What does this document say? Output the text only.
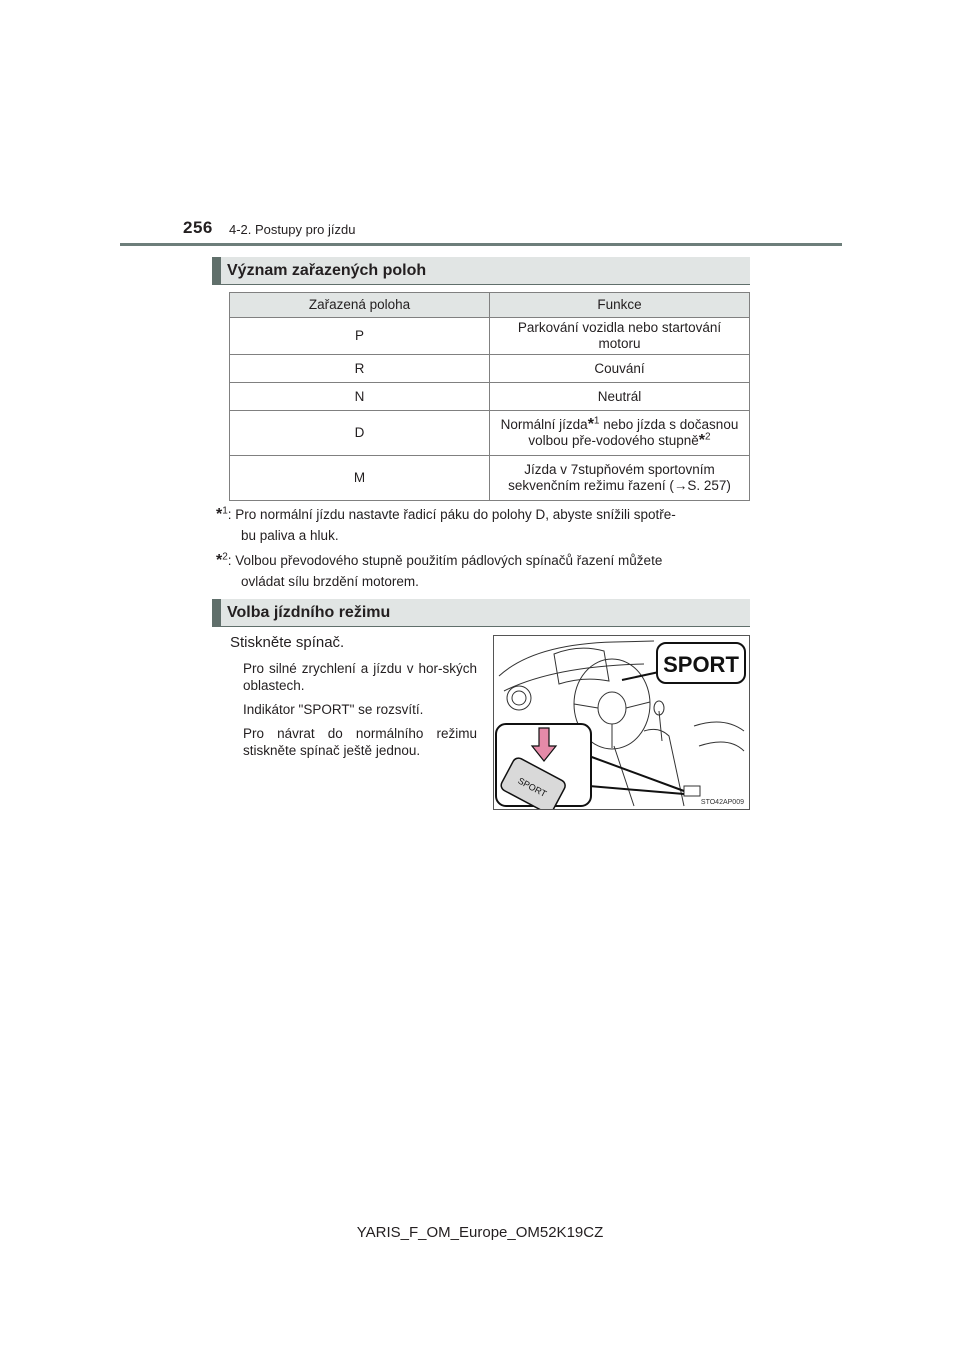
256 4-2. Postupy pro jízdu
Význam zařazených poloh
Zařazená poloha	Funkce
P	Parkování vozidla nebo startování motoru
R	Couvání
N	Neutrál
D	Normální jízda*$^1$ nebo jízda s dočasnou volbou pře-vodového stupně*$^2$
M	Jízda v 7stupňovém sportovním sekvenčním režimu řazení (→S. 257)
*$^1$: Pro normální jízdu nastavte řadicí páku do polohy D, abyste snížili spotře-
bu paliva a hluk.
*$^2$: Volbou převodového stupně použitím pádlových spínačů řazení můžete
ovládat sílu brzdění motorem.
Volba jízdního režimu
Stiskněte spínač.

Pro silné zrychlení a jízdu v hor-ských oblastech.

Indikátor "SPORT" se rozsvítí.

Pro návrat do normálního režimu stiskněte spínač ještě jednou.

SPORT
SPORT
STO42AP009
YARIS_F_OM_Europe_OM52K19CZ
